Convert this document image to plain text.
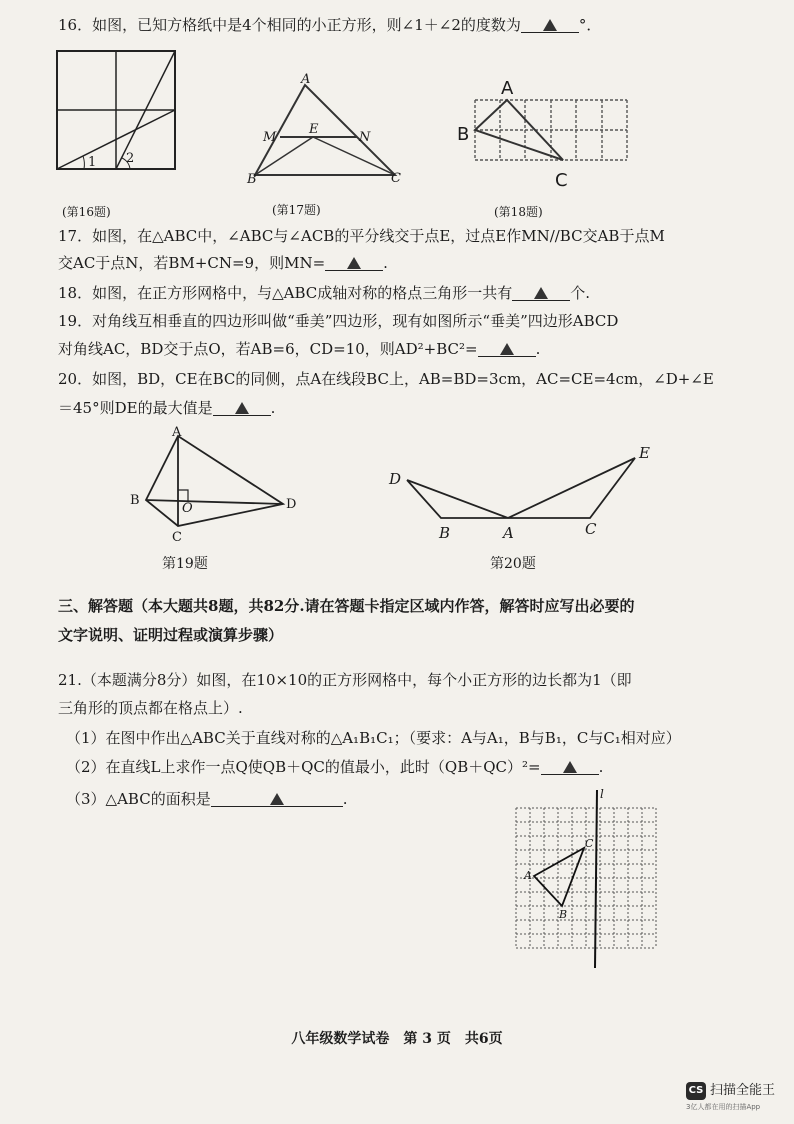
16．如图，已知方格纸中是4个相同的小正方形，则∠1＋∠2的度数为	°．
1 2
A
M
E
N
B	C
A
B
C
(第16题)	(第17题)	(第18题)
17．如图，在△ABC中，∠ABC与∠ACB的平分线交于点E，过点E作MN//BC交AB于点M
交AC于点N，若BM+CN=9，则MN=	.
18．如图，在正方形网格中，与△ABC成轴对称的格点三角形一共有	个.
19．对角线互相垂直的四边形叫做“垂美”四边形，现有如图所示“垂美”四边形ABCD
对角线AC，BD交于点O，若AB=6，CD=10，则AD²+BC²=	.
20．如图，BD，CE在BC的同侧，点A在线段BC上，AB=BD=3cm，AC=CE=4cm，∠D+∠E
＝45°则DE的最大值是	.
A
B
O	D
C
第19题
D
E
B	A	C
第20题
三、解答题（本大题共8题，共82分.请在答题卡指定区域内作答，解答时应写出必要的
文字说明、证明过程或演算步骤）
21.（本题满分8分）如图，在10×10的正方形网格中，每个小正方形的边长都为1（即
三角形的顶点都在格点上）.
（1）在图中作出△ABC关于直线对称的△A₁B₁C₁；（要求：A与A₁，B与B₁，C与C₁相对应）
（2）在直线L上求作一点Q使QB＋QC的值最小，此时（QB＋QC）²=	.
（3）△ABC的面积是	.	l
A
C
B
八年级数学试卷　第 3 页　共6页
CS 扫描全能王
3亿人都在用的扫描App
